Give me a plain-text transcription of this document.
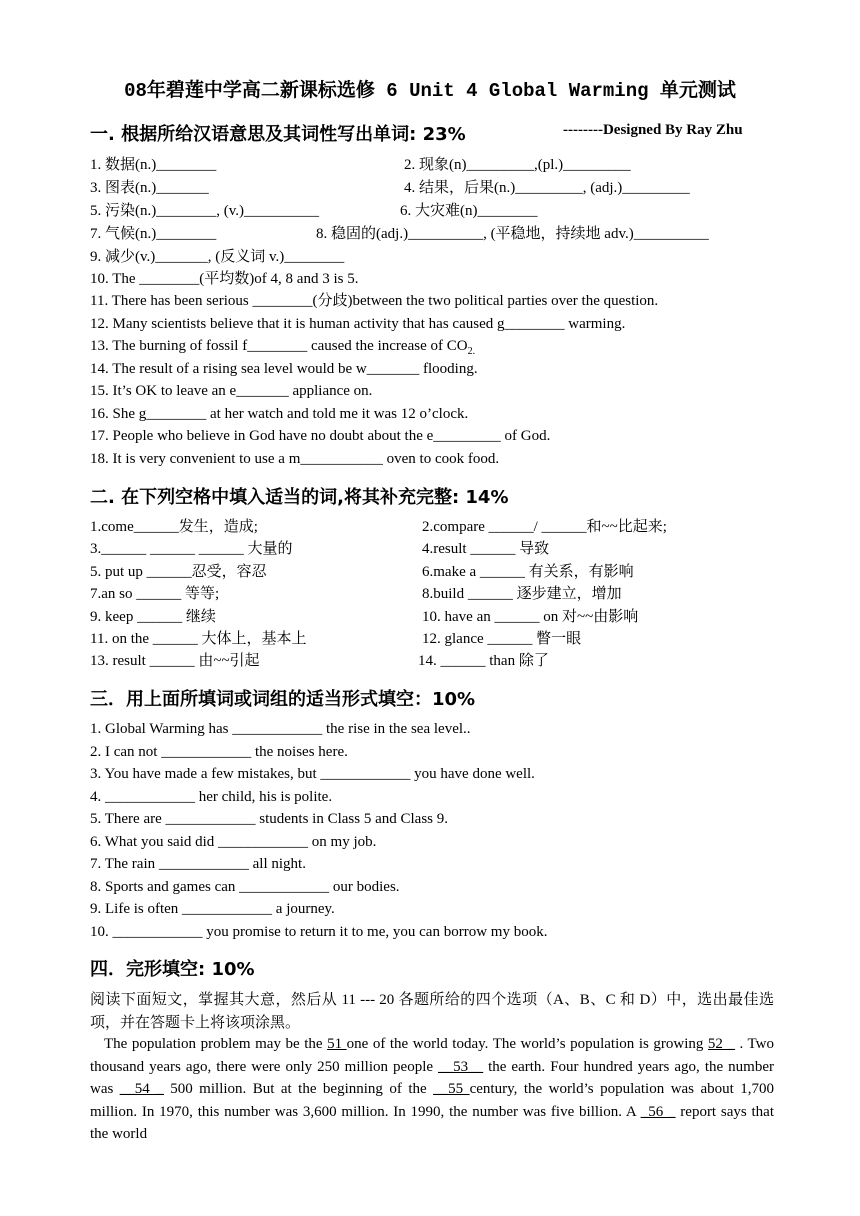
08年碧莲中学高二新课标选修 6 Unit 4 Global Warming 单元测试
一. 根据所给汉语意思及其词性写出单词: 23%	--------Designed By Ray Zhu
1. 数据(n.)________	2. 现象(n)_________,(pl.)_________
3. 图表(n.)_______	4. 结果，后果(n.)_________, (adj.)_________
5. 污染(n.)________, (v.)__________	6. 大灾难(n)________
7. 气候(n.)________	8. 稳固的(adj.)__________, (平稳地，持续地 adv.)__________
9. 减少(v.)_______, (反义词 v.)________
10. The ________(平均数)of 4, 8 and 3 is 5.
11. There has been serious ________(分歧)between the two political parties over the question.
12. Many scientists believe that it is human activity that has caused g________ warming.
13. The burning of fossil f________ caused the increase of $CO_{2.}$
14. The result of a rising sea level would be w_______ flooding.
15. It’s OK to leave an e_______ appliance on.
16. She g________ at her watch and told me it was 12 o’clock.
17. People who believe in God have no doubt about the e_________ of God.
18. It is very convenient to use a m___________ oven to cook food.
二. 在下列空格中填入适当的词,将其补充完整: 14%
1.come______发生，造成;	2.compare ______/ ______和~~比起来;
3.______ ______ ______ 大量的	4.result ______ 导致
5. put up ______忍受，容忍	6.make a ______ 有关系，有影响
7.an so ______ 等等;	8.build ______ 逐步建立，增加
9. keep ______ 继续	10. have an ______ on 对~~由影响
11. on the ______ 大体上，基本上	12. glance ______ 瞥一眼
13. result ______ 由~~引起	14. ______ than 除了
三．用上面所填词或词组的适当形式填空：10%
1. Global Warming has ____________ the rise in the sea level..
2. I can not ____________ the noises here.
3. You have made a few mistakes, but ____________ you have done well.
4. ____________ her child, his is polite.
5. There are ____________ students in Class 5 and Class 9.
6. What you said did ____________ on my job.
7. The rain ____________ all night.
8. Sports and games can ____________ our bodies.
9. Life is often ____________ a journey.
10. ____________ you promise to return it to me, you can borrow my book.
四．完形填空: 10%

阅读下面短文，掌握其大意，然后从 11 --- 20 各题所给的四个选项（A、B、C 和 D）中，选出最佳选项，并在答题卡上将该项涂黑。

The population problem may be the 51 one of the world today. The world’s population is growing 52 _ . Two thousand years ago, there were only 250 million people __53__ the earth. Four hundred years ago, the number was __54 _ 500 million. But at the beginning of the __55 century, the world’s population was about 1,700 million. In 1970, this number was 3,600 million. In 1990, the number was five billion. A _56 _ report says that the world
